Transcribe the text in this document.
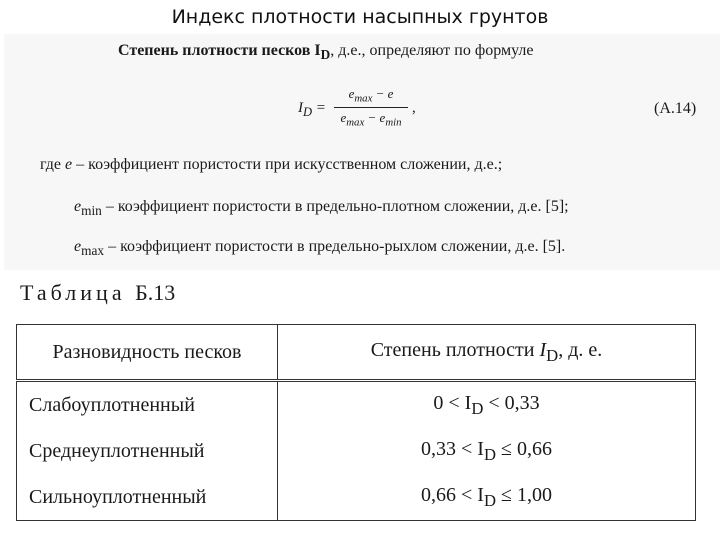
Индекс плотности насыпных грунтов
Степень плотности песков $I_D$, д.е., определяют по формуле
$I_D$ =
$e_{max} - e$
$e_{max} - e_{min}$
,	(А.14)
где e – коэффициент пористости при искусственном сложении, д.е.;
$e_{min}$ – коэффициент пористости в предельно-плотном сложении, д.е. [5];
$e_{max}$ – коэффициент пористости в предельно-рыхлом сложении, д.е. [5].
Таблица Б.13
Разновидность песков	Степень плотности $I_D$, д. е.
Слабоуплотненный	$0 < I_D < 0,33$
Среднеуплотненный	$0,33 < I_D \le 0,66$
Сильноуплотненный	$0,66 < I_D \le 1,00$
